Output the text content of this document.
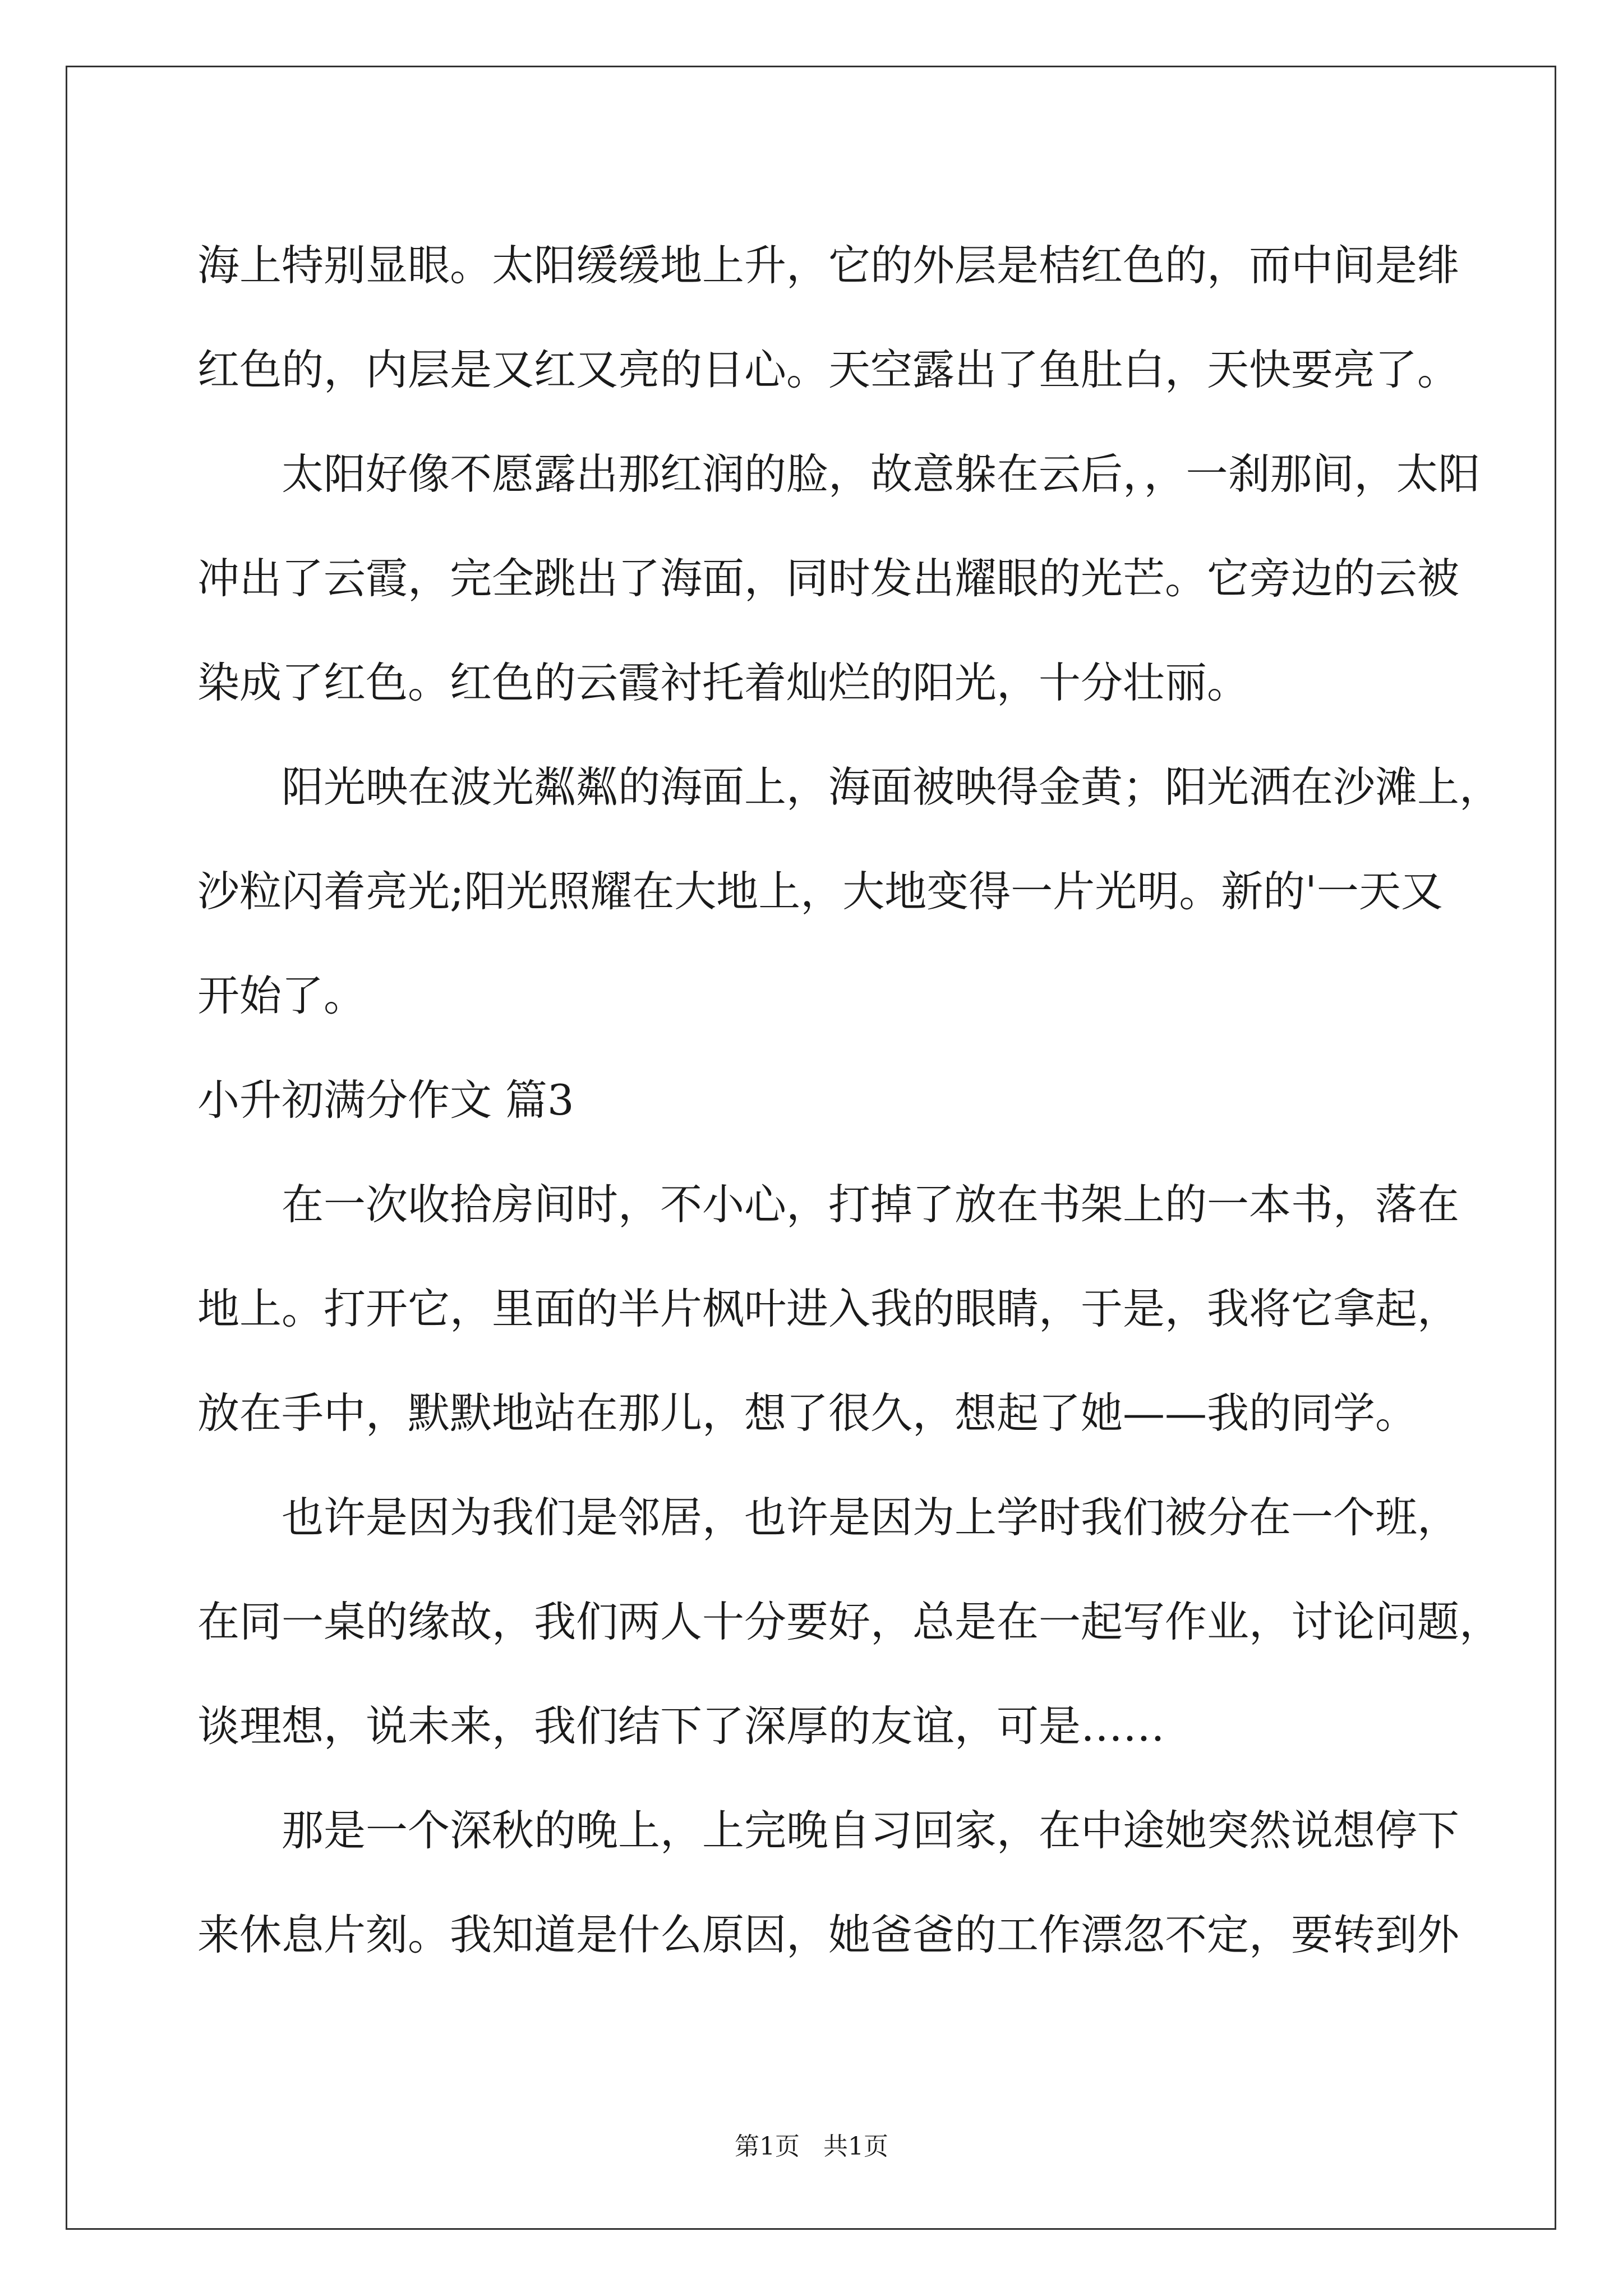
海上特别显眼。太阳缓缓地上升，它的外层是桔红色的，而中间是绯
红色的，内层是又红又亮的日心。天空露出了鱼肚白，天快要亮了。
太阳好像不愿露出那红润的脸，故意躲在云后，，一刹那间，太阳
冲出了云霞，完全跳出了海面，同时发出耀眼的光芒。它旁边的云被
染成了红色。红色的云霞衬托着灿烂的阳光，十分壮丽。
阳光映在波光粼粼的海面上，海面被映得金黄；阳光洒在沙滩上，
沙粒闪着亮光;阳光照耀在大地上，大地变得一片光明。新的'一天又
开始了。
小升初满分作文 篇3
在一次收拾房间时，不小心，打掉了放在书架上的一本书，落在
地上。打开它，里面的半片枫叶进入我的眼睛，于是，我将它拿起，
放在手中，默默地站在那儿，想了很久，想起了她——我的同学。
也许是因为我们是邻居，也许是因为上学时我们被分在一个班，
在同一桌的缘故，我们两人十分要好，总是在一起写作业，讨论问题，
谈理想，说未来，我们结下了深厚的友谊，可是……
那是一个深秋的晚上，上完晚自习回家，在中途她突然说想停下
来休息片刻。我知道是什么原因，她爸爸的工作漂忽不定，要转到外
第1页   共1页
